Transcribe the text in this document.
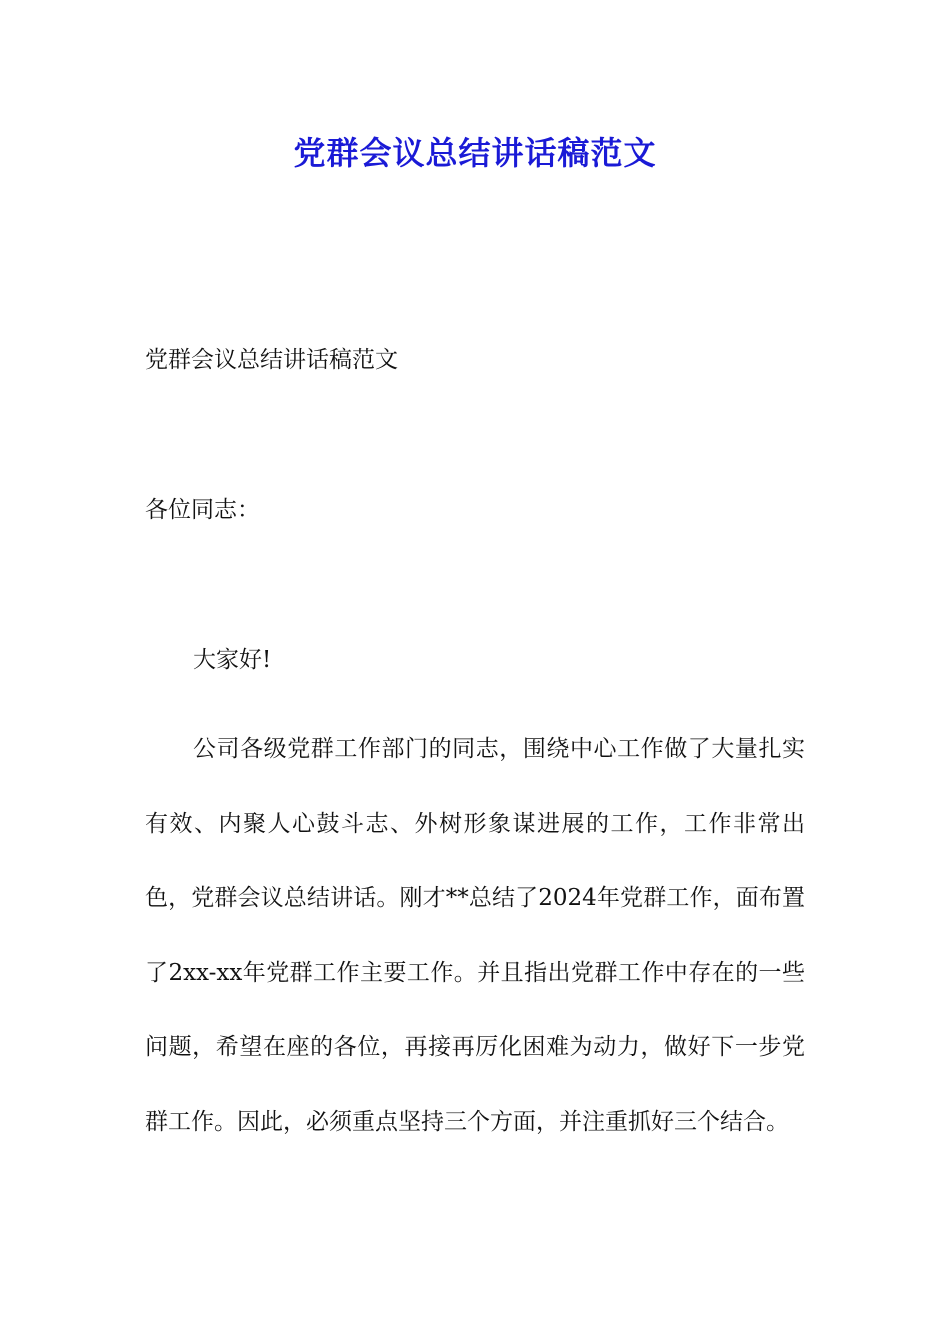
党群会议总结讲话稿范文

党群会议总结讲话稿范文

各位同志：

大家好!

公司各级党群工作部门的同志，围绕中心工作做了大量扎实有效、内聚人心鼓斗志、外树形象谋进展的工作，工作非常出色，党群会议总结讲话。刚才**总结了2024年党群工作，面布置了2xx-xx年党群工作主要工作。并且指出党群工作中存在的一些问题，希望在座的各位，再接再厉化困难为动力，做好下一步党群工作。因此，必须重点坚持三个方面，并注重抓好三个结合。
